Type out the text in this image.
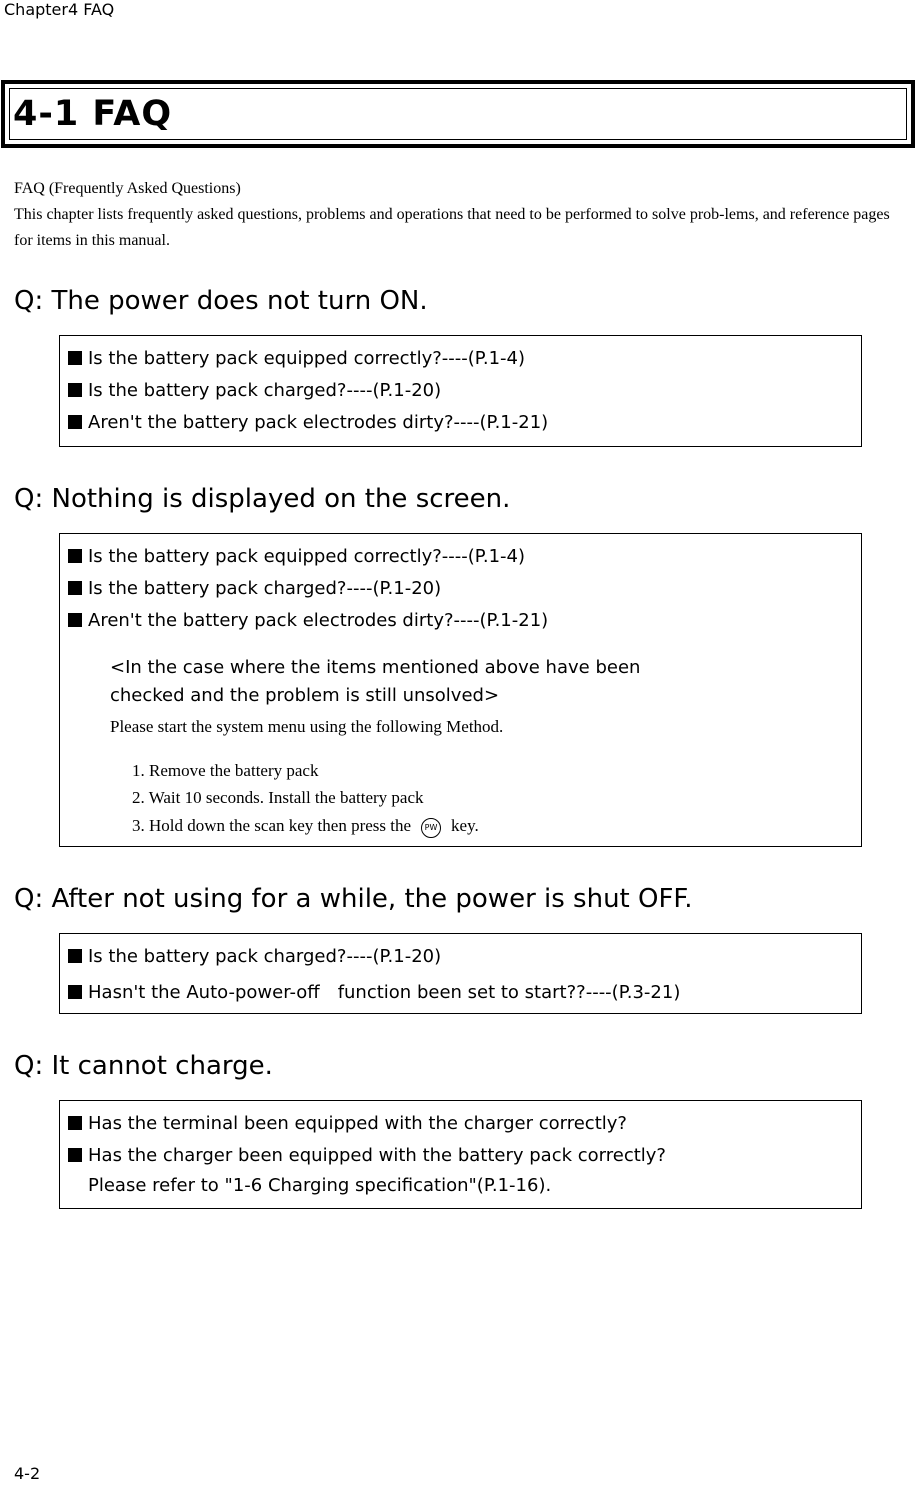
Chapter4 FAQ
4-1 FAQ
FAQ (Frequently Asked Questions)
This chapter lists frequently asked questions, problems and operations that need to be performed to solve prob-lems, and reference pages for items in this manual.
Q: The power does not turn ON.
Is the battery pack equipped correctly?----(P.1-4)
Is the battery pack charged?----(P.1-20)
Aren't the battery pack electrodes dirty?----(P.1-21)
Q: Nothing is displayed on the screen.
Is the battery pack equipped correctly?----(P.1-4)
Is the battery pack charged?----(P.1-20)
Aren't the battery pack electrodes dirty?----(P.1-21)
<In the case where the items mentioned above have been
checked and the problem is still unsolved>
Please start the system menu using the following Method.
1. Remove the battery pack
2. Wait 10 seconds. Install the battery pack
3. Hold down the scan key then press the PW key.
Q: After not using for a while, the power is shut OFF.
Is the battery pack charged?----(P.1-20)
Hasn't the Auto-power-off　function been set to start??----(P.3-21)
Q: It cannot charge.
Has the terminal been equipped with the charger correctly?
Has the charger been equipped with the battery pack correctly?
Please refer to "1-6 Charging specification"(P.1-16).
4-2
